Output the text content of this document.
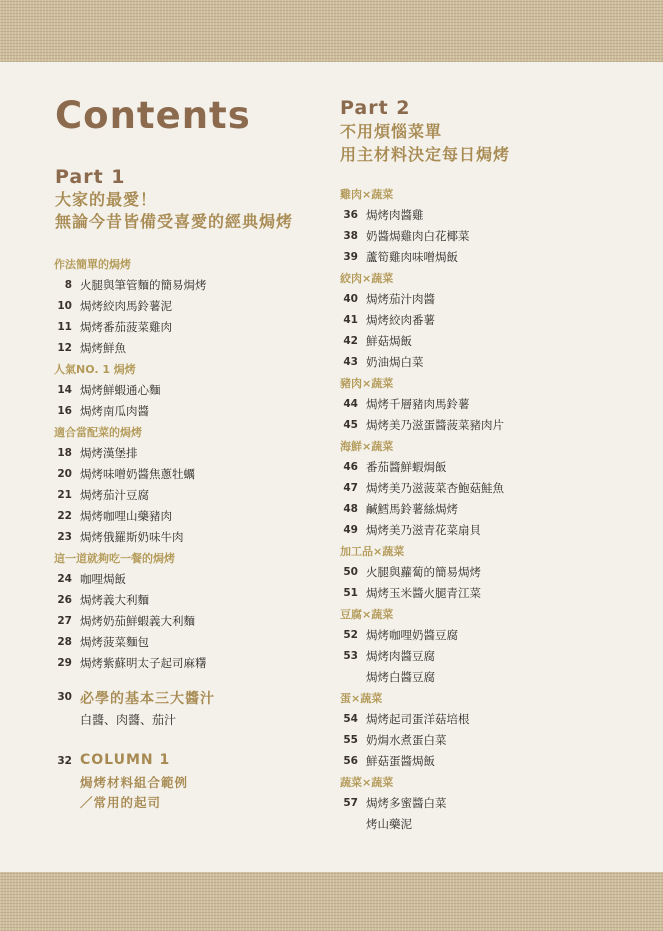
Contents
Part 1
大家的最愛！
無論今昔皆備受喜愛的經典焗烤
作法簡單的焗烤
8 火腿與筆管麵的簡易焗烤
10 焗烤絞肉馬鈴薯泥
11 焗烤番茄菠菜雞肉
12 焗烤鮮魚
人氣NO. 1 焗烤
14 焗烤鮮蝦通心麵
16 焗烤南瓜肉醬
適合當配菜的焗烤
18 焗烤漢堡排
20 焗烤味噌奶醬焦蔥牡蠣
21 焗烤茄汁豆腐
22 焗烤咖哩山藥豬肉
23 焗烤俄羅斯奶味牛肉
這一道就夠吃一餐的焗烤
24 咖哩焗飯
26 焗烤義大利麵
27 焗烤奶茄鮮蝦義大利麵
28 焗烤菠菜麵包
29 焗烤紫蘇明太子起司麻糬
30 必學的基本三大醬汁
白醬、肉醬、茄汁
32 COLUMN 1
焗烤材料組合範例
／常用的起司
Part 2
不用煩惱菜單
用主材料決定每日焗烤
雞肉×蔬菜
36 焗烤肉醬雞
38 奶醬焗雞肉白花椰菜
39 蘆筍雞肉味噌焗飯
絞肉×蔬菜
40 焗烤茄汁肉醬
41 焗烤絞肉番薯
42 鮮菇焗飯
43 奶油焗白菜
豬肉×蔬菜
44 焗烤千層豬肉馬鈴薯
45 焗烤美乃滋蛋醬菠菜豬肉片
海鮮×蔬菜
46 番茄醬鮮蝦焗飯
47 焗烤美乃滋菠菜杏鮑菇鮭魚
48 鹹鱈馬鈴薯絲焗烤
49 焗烤美乃滋青花菜扇貝
加工品×蔬菜
50 火腿與蘿蔔的簡易焗烤
51 焗烤玉米醬火腿青江菜
豆腐×蔬菜
52 焗烤咖哩奶醬豆腐
53 焗烤肉醬豆腐
焗烤白醬豆腐
蛋×蔬菜
54 焗烤起司蛋洋菇培根
55 奶焗水煮蛋白菜
56 鮮菇蛋醬焗飯
蔬菜×蔬菜
57 焗烤多蜜醬白菜
烤山藥泥
